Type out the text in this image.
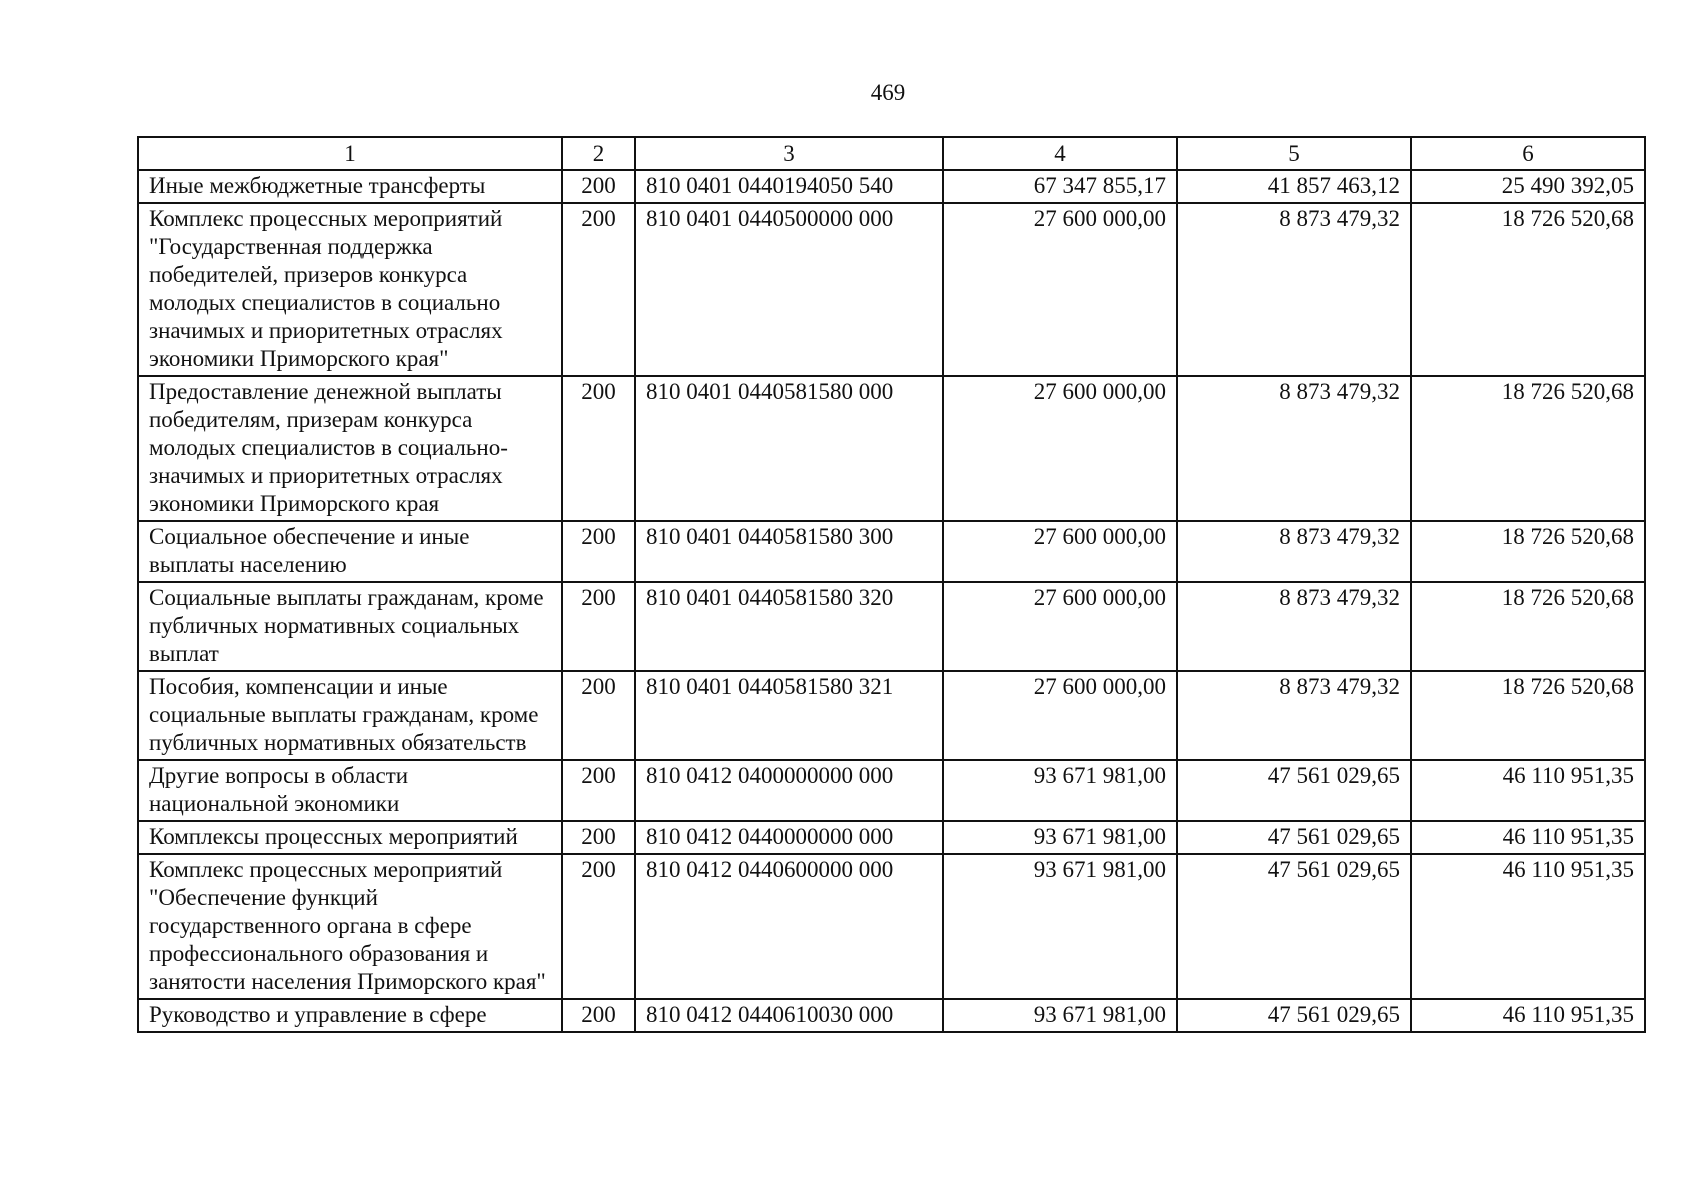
469
1	2	3	4	5	6
Иные межбюджетные трансферты	200	810 0401 0440194050 540	67 347 855,17	41 857 463,12	25 490 392,05
Комплекс процессных мероприятий "Государственная поддержка победителей, призеров конкурса молодых специалистов в социально значимых и приоритетных отраслях экономики Приморского края"	200	810 0401 0440500000 000	27 600 000,00	8 873 479,32	18 726 520,68
Предоставление денежной выплаты победителям, призерам конкурса молодых специалистов в социально-значимых и приоритетных отраслях экономики Приморского края	200	810 0401 0440581580 000	27 600 000,00	8 873 479,32	18 726 520,68
Социальное обеспечение и иные выплаты населению	200	810 0401 0440581580 300	27 600 000,00	8 873 479,32	18 726 520,68
Социальные выплаты гражданам, кроме публичных нормативных социальных выплат	200	810 0401 0440581580 320	27 600 000,00	8 873 479,32	18 726 520,68
Пособия, компенсации и иные социальные выплаты гражданам, кроме публичных нормативных обязательств	200	810 0401 0440581580 321	27 600 000,00	8 873 479,32	18 726 520,68
Другие вопросы в области национальной экономики	200	810 0412 0400000000 000	93 671 981,00	47 561 029,65	46 110 951,35
Комплексы процессных мероприятий	200	810 0412 0440000000 000	93 671 981,00	47 561 029,65	46 110 951,35
Комплекс процессных мероприятий "Обеспечение функций государственного органа в сфере профессионального образования и занятости населения Приморского края"	200	810 0412 0440600000 000	93 671 981,00	47 561 029,65	46 110 951,35
Руководство и управление в сфере	200	810 0412 0440610030 000	93 671 981,00	47 561 029,65	46 110 951,35
